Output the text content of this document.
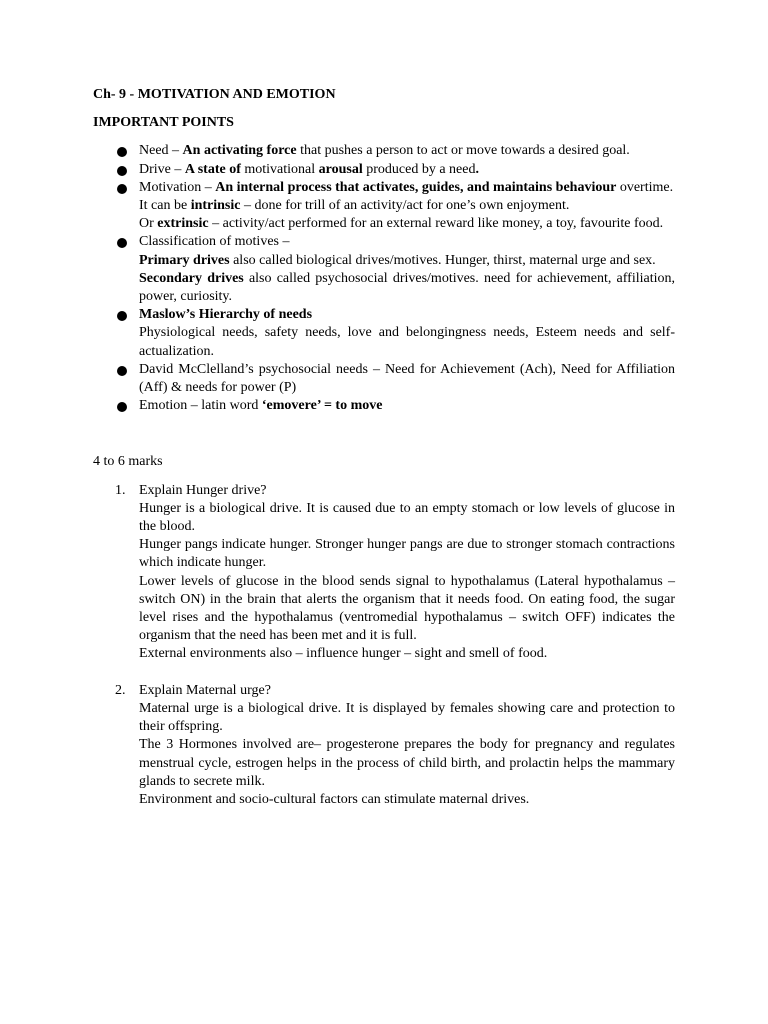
Ch- 9 - MOTIVATION AND EMOTION
IMPORTANT POINTS
Need – An activating force that pushes a person to act or move towards a desired goal.
Drive – A state of motivational arousal produced by a need.
Motivation – An internal process that activates, guides, and maintains behaviour overtime.
It can be intrinsic – done for trill of an activity/act for one’s own enjoyment.
Or extrinsic – activity/act performed for an external reward like money, a toy, favourite food.
Classification of motives –
Primary drives also called biological drives/motives. Hunger, thirst, maternal urge and sex.
Secondary drives also called psychosocial drives/motives. need for achievement, affiliation, power, curiosity.
Maslow’s Hierarchy of needs
Physiological needs, safety needs, love and belongingness needs, Esteem needs and self-actualization.
David McClelland’s psychosocial needs – Need for Achievement (Ach), Need for Affiliation (Aff) & needs for power (P)
Emotion – latin word ‘emovere’ = to move
4 to 6 marks
1. Explain Hunger drive?

Hunger is a biological drive. It is caused due to an empty stomach or low levels of glucose in the blood.

Hunger pangs indicate hunger. Stronger hunger pangs are due to stronger stomach contractions which indicate hunger.

Lower levels of glucose in the blood sends signal to hypothalamus (Lateral hypothalamus – switch ON) in the brain that alerts the organism that it needs food. On eating food, the sugar level rises and the hypothalamus (ventromedial hypothalamus – switch OFF) indicates the organism that the need has been met and it is full.

External environments also – influence hunger – sight and smell of food.

2. Explain Maternal urge?

Maternal urge is a biological drive. It is displayed by females showing care and protection to their offspring.

The 3 Hormones involved are– progesterone prepares the body for pregnancy and regulates menstrual cycle, estrogen helps in the process of child birth, and prolactin helps the mammary glands to secrete milk.

Environment and socio-cultural factors can stimulate maternal drives.
